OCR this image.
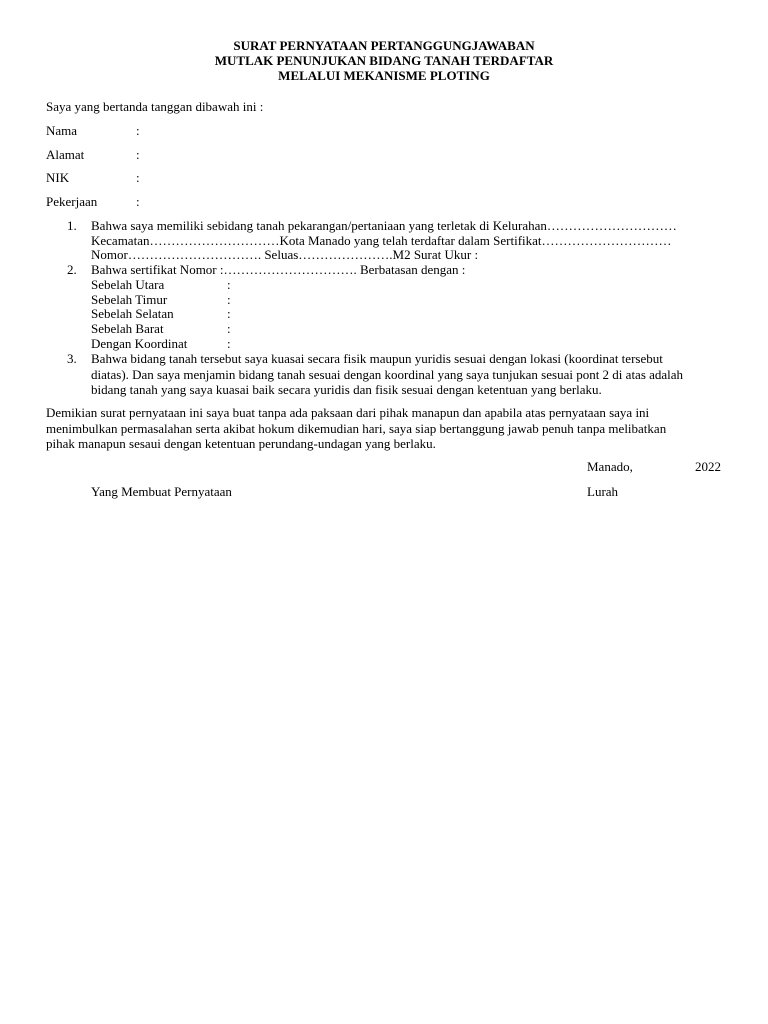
SURAT PERNYATAAN PERTANGGUNGJAWABAN
MUTLAK PENUNJUKAN BIDANG TANAH TERDAFTAR
MELALUI MEKANISME PLOTING
Saya yang bertanda tanggan dibawah ini :
Nama	:
Alamat	:
NIK	:
Pekerjaan	:
1. Bahwa saya memiliki sebidang tanah pekarangan/pertaniaan yang terletak di Kelurahan…………………………
Kecamatan…………………………Kota Manado yang telah terdaftar dalam Sertifikat…………………………
Nomor…………………………. Seluas………………….M2 Surat Ukur :
2. Bahwa sertifikat Nomor :…………………………. Berbatasan dengan :
Sebelah Utara	:
Sebelah Timur	:
Sebelah Selatan	:
Sebelah Barat	:
Dengan Koordinat	:
3. Bahwa bidang tanah tersebut saya kuasai secara fisik maupun yuridis sesuai dengan lokasi (koordinat tersebut
diatas). Dan saya menjamin bidang tanah sesuai dengan koordinal yang saya tunjukan sesuai pont 2 di atas adalah
bidang tanah yang saya kuasai baik secara yuridis dan fisik sesuai dengan ketentuan yang berlaku.
Demikian surat pernyataan ini saya buat tanpa ada paksaan dari pihak manapun dan apabila atas pernyataan saya ini
menimbulkan permasalahan serta akibat hokum dikemudian hari, saya siap bertanggung jawab penuh tanpa melibatkan
pihak manapun sesaui dengan ketentuan perundang-undagan yang berlaku.
Manado,	2022
Yang Membuat Pernyataan	Lurah
